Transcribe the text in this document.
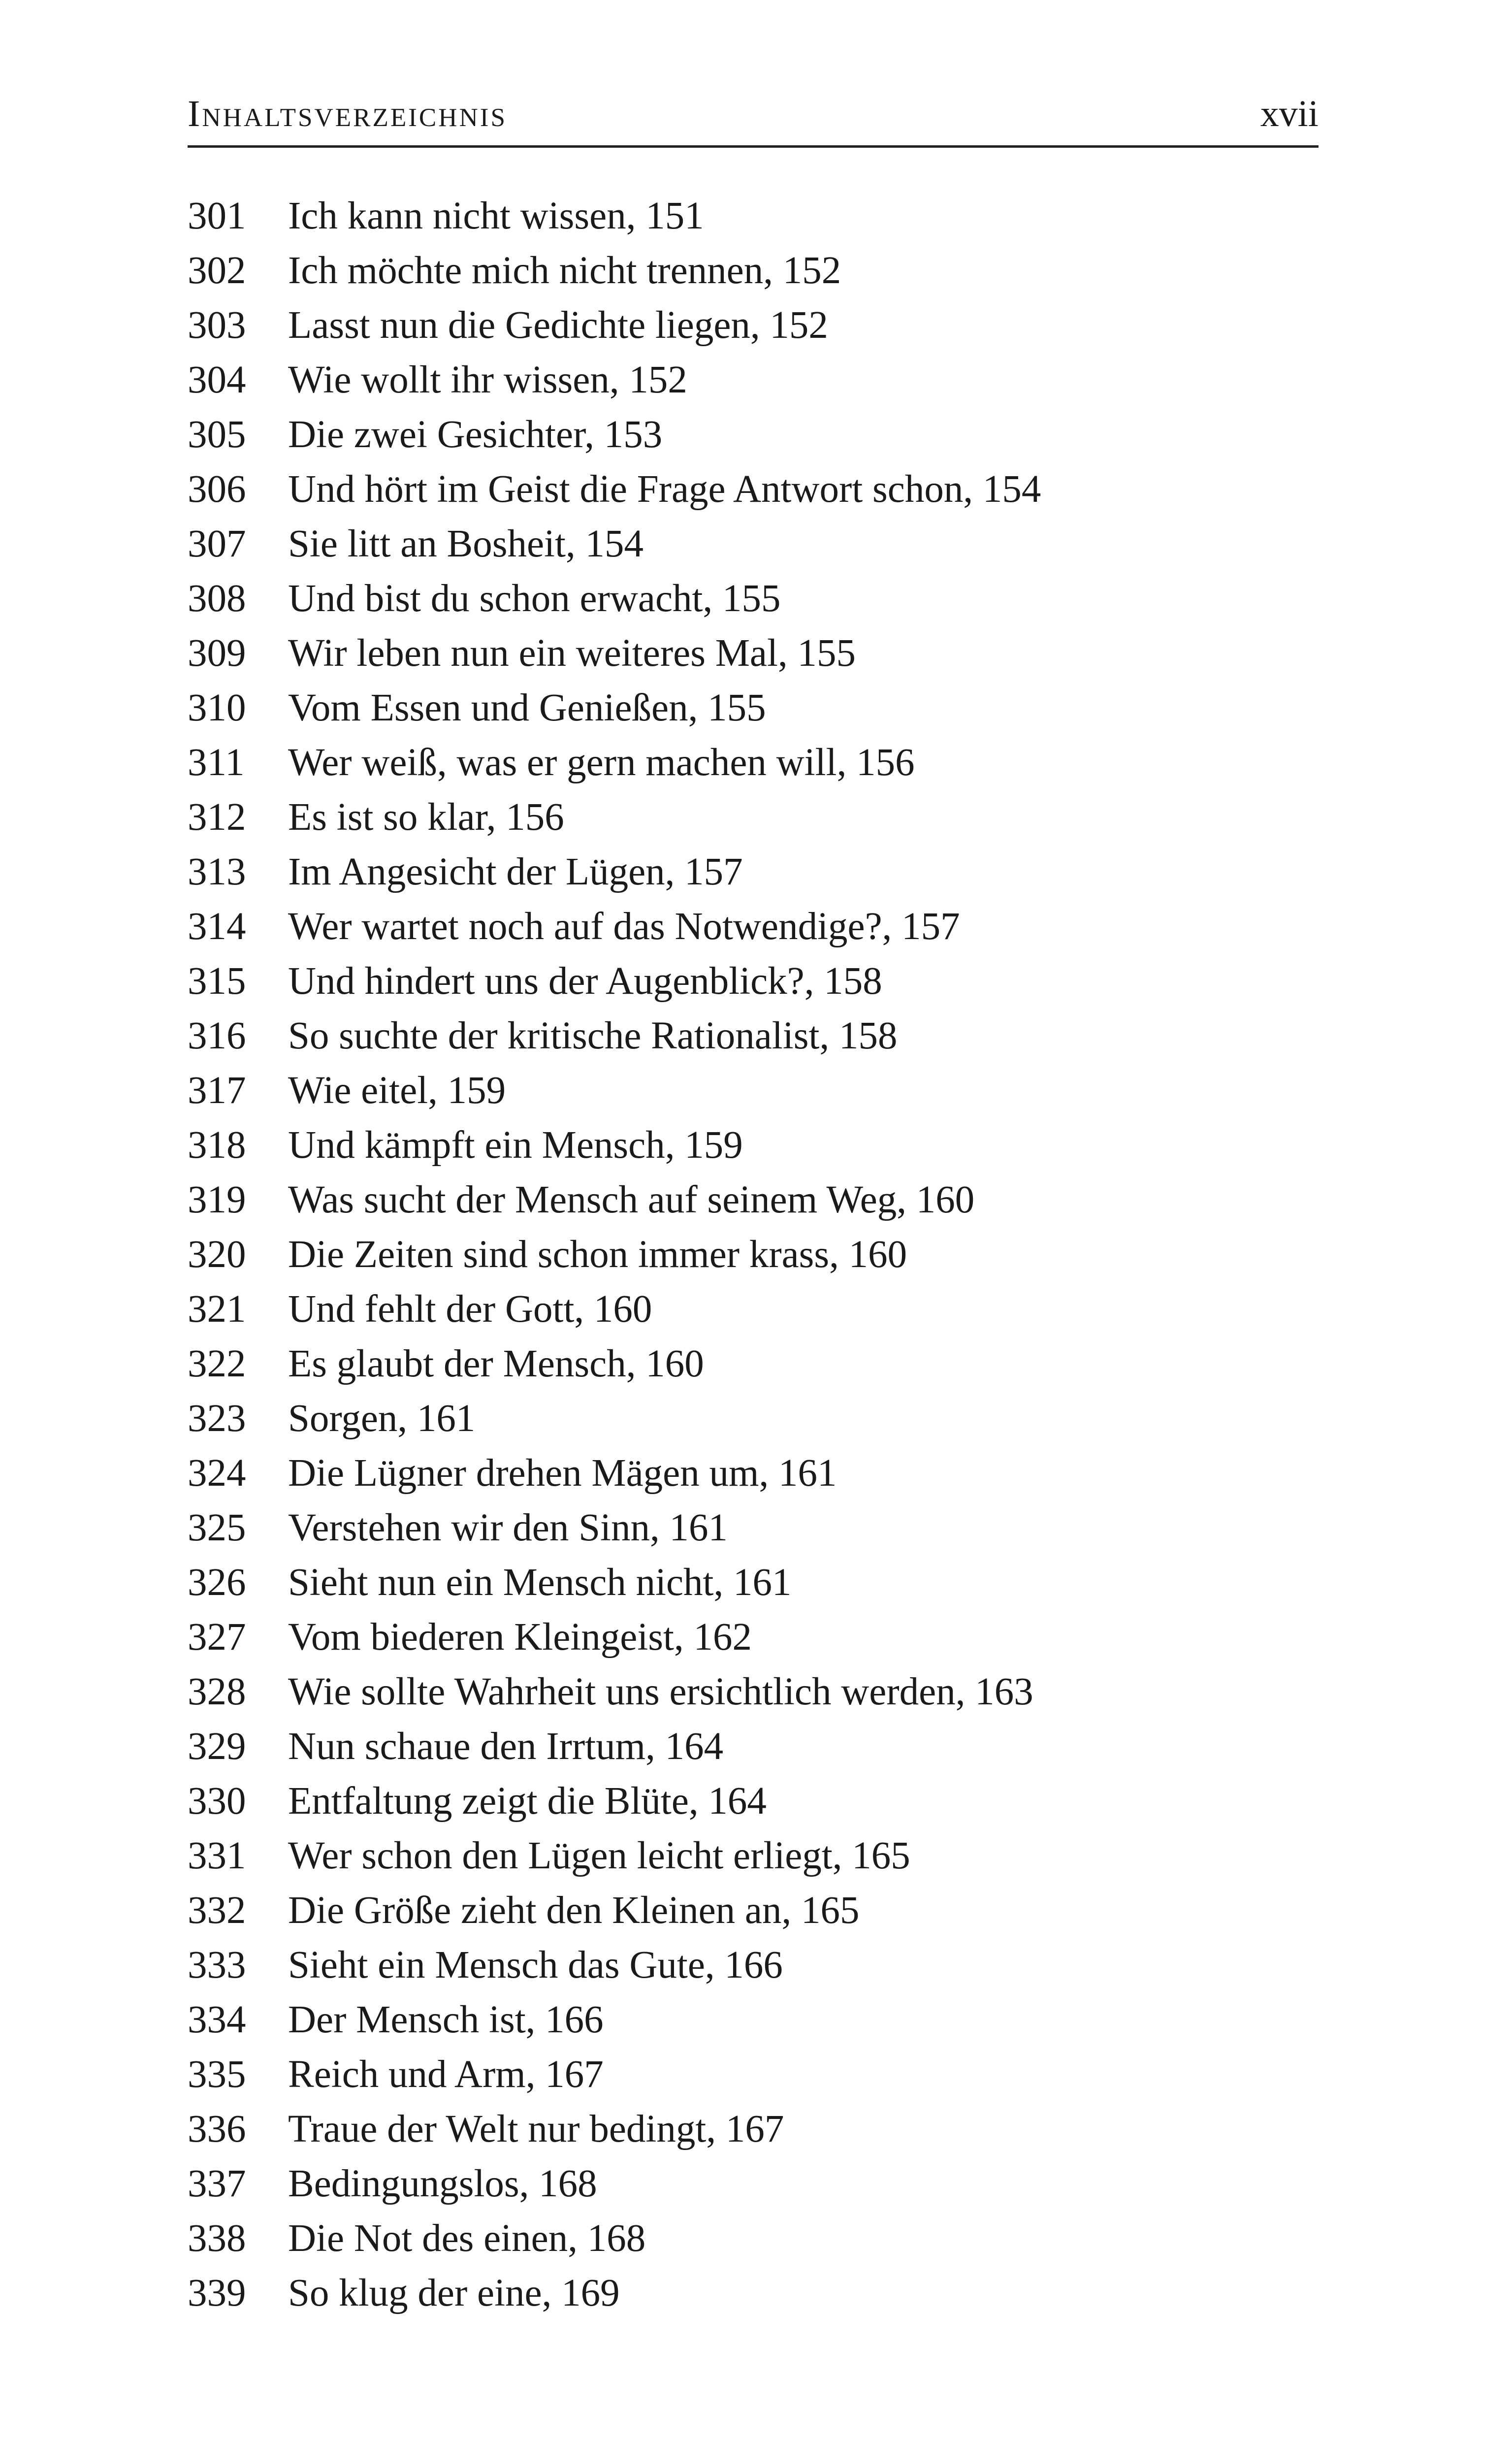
Inhaltsverzeichnis	xvii
301 Ich kann nicht wissen, 151
302 Ich möchte mich nicht trennen, 152
303 Lasst nun die Gedichte liegen, 152
304 Wie wollt ihr wissen, 152
305 Die zwei Gesichter, 153
306 Und hört im Geist die Frage Antwort schon, 154
307 Sie litt an Bosheit, 154
308 Und bist du schon erwacht, 155
309 Wir leben nun ein weiteres Mal, 155
310 Vom Essen und Genießen, 155
311 Wer weiß, was er gern machen will, 156
312 Es ist so klar, 156
313 Im Angesicht der Lügen, 157
314 Wer wartet noch auf das Notwendige?, 157
315 Und hindert uns der Augenblick?, 158
316 So suchte der kritische Rationalist, 158
317 Wie eitel, 159
318 Und kämpft ein Mensch, 159
319 Was sucht der Mensch auf seinem Weg, 160
320 Die Zeiten sind schon immer krass, 160
321 Und fehlt der Gott, 160
322 Es glaubt der Mensch, 160
323 Sorgen, 161
324 Die Lügner drehen Mägen um, 161
325 Verstehen wir den Sinn, 161
326 Sieht nun ein Mensch nicht, 161
327 Vom biederen Kleingeist, 162
328 Wie sollte Wahrheit uns ersichtlich werden, 163
329 Nun schaue den Irrtum, 164
330 Entfaltung zeigt die Blüte, 164
331 Wer schon den Lügen leicht erliegt, 165
332 Die Größe zieht den Kleinen an, 165
333 Sieht ein Mensch das Gute, 166
334 Der Mensch ist, 166
335 Reich und Arm, 167
336 Traue der Welt nur bedingt, 167
337 Bedingungslos, 168
338 Die Not des einen, 168
339 So klug der eine, 169
